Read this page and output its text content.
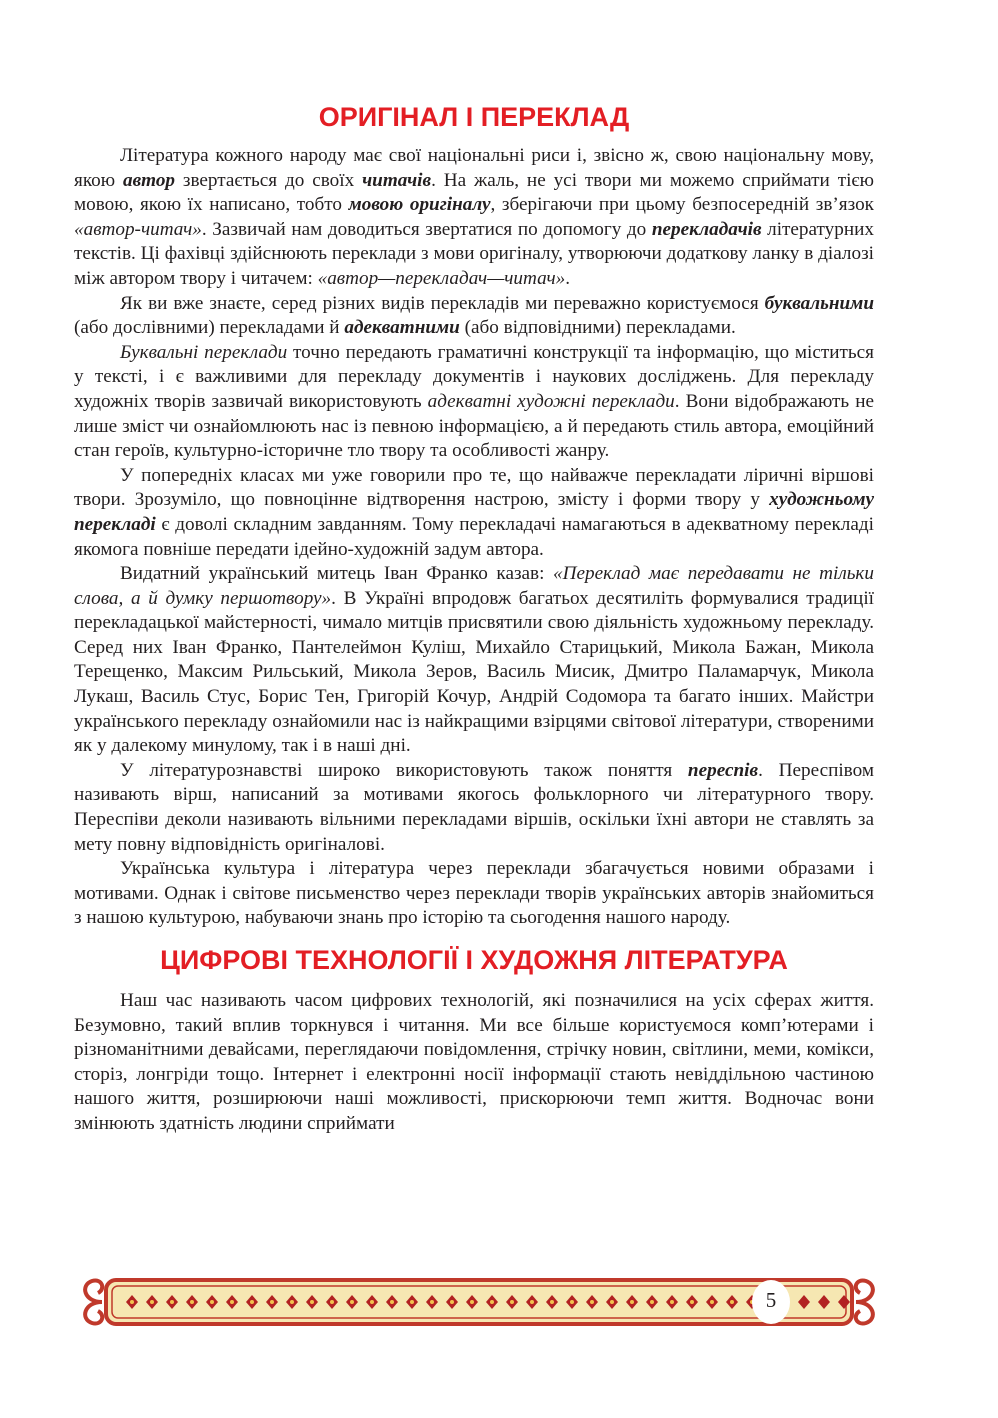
ОРИГІНАЛ І ПЕРЕКЛАД

Література кожного народу має свої національні риси і, звісно ж, свою національну мову, якою автор звертається до своїх читачів. На жаль, не усі твори ми можемо сприймати тією мовою, якою їх написано, тобто мовою оригіналу, зберігаючи при цьому безпосередній зв’язок «автор-читач». Зазвичай нам доводиться звертатися по допомогу до перекладачів літературних текстів. Ці фахівці здійснюють переклади з мови оригіналу, утворюючи додаткову ланку в діалозі між автором твору і читачем: «автор—перекладач—читач».

Як ви вже знаєте, серед різних видів перекладів ми переважно користуємося буквальними (або дослівними) перекладами й адекватними (або відповідними) перекладами.

Буквальні переклади точно передають граматичні конструкції та інформацію, що міститься у тексті, і є важливими для перекладу документів і наукових досліджень. Для перекладу художніх творів зазвичай використовують адекватні художні переклади. Вони відображають не лише зміст чи ознайомлюють нас із певною інформацією, а й передають стиль автора, емоційний стан героїв, культурно-історичне тло твору та особливості жанру.

У попередніх класах ми уже говорили про те, що найважче перекладати ліричні віршові твори. Зрозуміло, що повноцінне відтворення настрою, змісту і форми твору у художньому перекладі є доволі складним завданням. Тому перекладачі намагаються в адекватному перекладі якомога повніше передати ідейно-художній задум автора.

Видатний український митець Іван Франко казав: «Переклад має передавати не тільки слова, а й думку першотвору». В Україні впродовж багатьох десятиліть формувалися традиції перекладацької майстерності, чимало митців присвятили свою діяльність художньому перекладу. Серед них Іван Франко, Пантелеймон Куліш, Михайло Старицький, Микола Бажан, Микола Терещенко, Максим Рильський, Микола Зеров, Василь Мисик, Дмитро Паламарчук, Микола Лукаш, Василь Стус, Борис Тен, Григорій Кочур, Андрій Содомора та багато інших. Майстри українського перекладу ознайомили нас із найкращими взірцями світової літератури, створеними як у далекому минулому, так і в наші дні.

У літературознавстві широко використовують також поняття переспів. Переспівом називають вірш, написаний за мотивами якогось фольклорного чи літературного твору. Переспіви деколи називають вільними перекладами віршів, оскільки їхні автори не ставлять за мету повну відповідність оригіналові.

Українська культура і література через переклади збагачується новими образами і мотивами. Однак і світове письменство через переклади творів українських авторів знайомиться з нашою культурою, набуваючи знань про історію та сьогодення нашого народу.

ЦИФРОВІ ТЕХНОЛОГІЇ І ХУДОЖНЯ ЛІТЕРАТУРА

Наш час називають часом цифрових технологій, які позначилися на усіх сферах життя. Безумовно, такий вплив торкнувся і читання. Ми все більше користуємося комп’ютерами і різноманітними девайсами, переглядаючи повідомлення, стрічку новин, світлини, меми, комікси, сторіз, лонгріди тощо. Інтернет і електронні носії інформації стають невіддільною частиною нашого життя, розширюючи наші можливості, прискорюючи темп життя. Водночас вони змінюють здатність людини сприймати

5
